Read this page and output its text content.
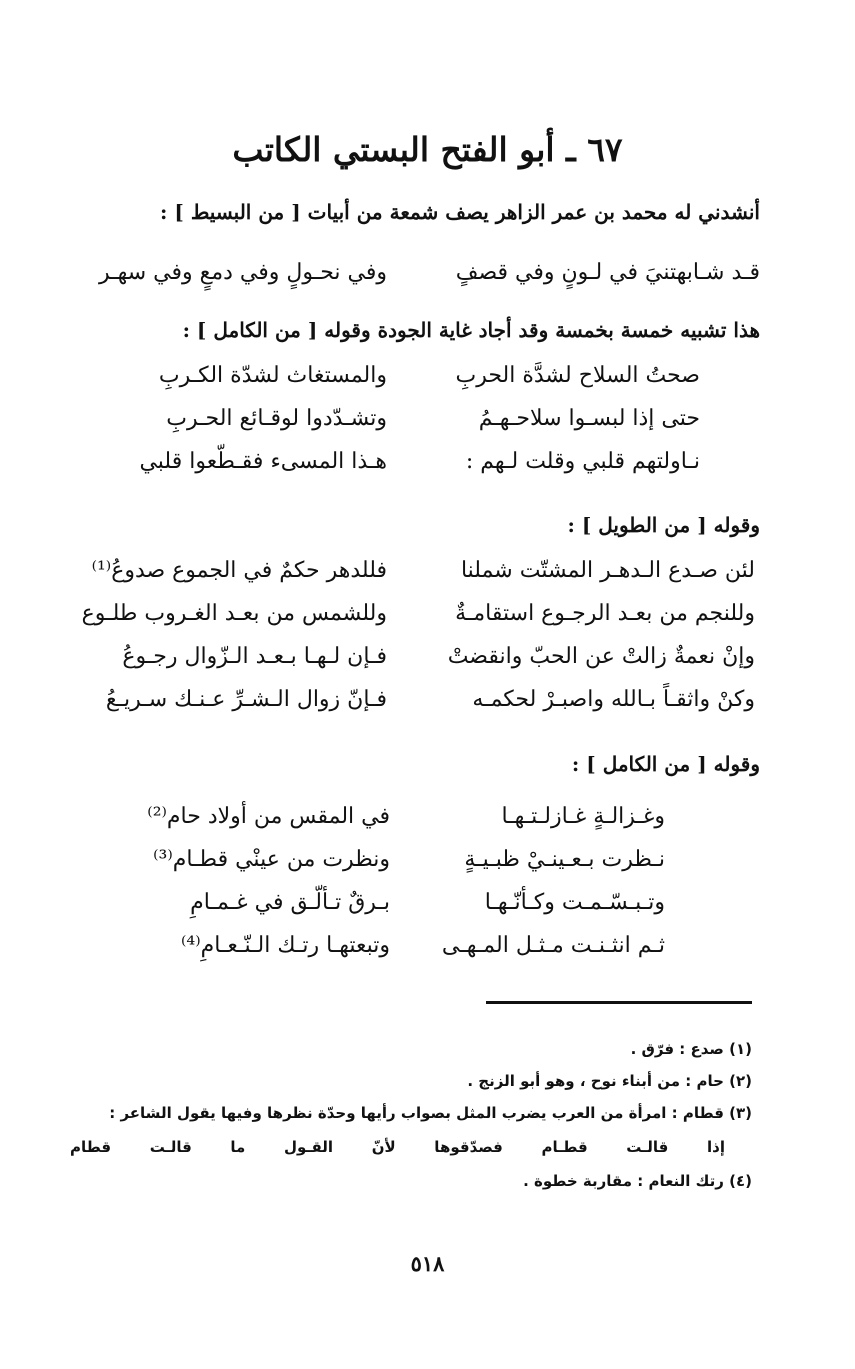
٦٧ ـ أبو الفتح البستي الكاتب
أنشدني له محمد بن عمر الزاهر يصف شمعة من أبيات [ من البسيط ] :
قـد شـابهتنيَ في لـونٍ وفي قصفٍ
وفي نحـولٍ وفي دمعٍ وفي سهـر
هذا تشبيه خمسة بخمسة وقد أجاد غاية الجودة وقوله [ من الكامل ] :
صحتُ السلاح لشدَّة الحربِ
والمستغاث لشدّة الكـربِ
حتى إذا لبسـوا سلاحـهـمُ
وتشـدّدوا لوقـائع الحـربِ
نـاولتهم قلبي وقلت لـهم :
هـذا المسىء فقـطّعوا قلبي
وقوله [ من الطويل ] :
لئن صـدع الـدهـر المشتّت شملنا
فللدهر حكمٌ في الجموع صدوعُ⁽¹⁾
وللنجم من بعـد الرجـوع استقامـةٌ
وللشمس من بعـد الغـروب طلـوع
وإنْ نعمةٌ زالتْ عن الحبّ وانقضتْ
فـإن لـهـا بـعـد الـزّوال رجـوعُ
وكنْ واثقـاً بـالله واصبـرْ لحكمـه
فـإنّ زوال الـشـرِّ عـنـك سـريـعُ
وقوله [ من الكامل ] :
وغـزالـةٍ غـازلـتـهـا
في المقس من أولاد حام⁽²⁾
نـظرت بـعـينـيْ ظبـيـةٍ
ونظرت من عينْي قطـام⁽³⁾
وتـبـسّـمـت وكـأنّـهـا
بـرقٌ تـألّـق في غـمـامِ
ثـم انثـنـت مـثـل المـهـى
وتبعتهـا رتـك الـنّـعـامِ⁽⁴⁾
(١) صدع : فرّق .
(٢) حام : من أبناء نوح ، وهو أبو الزنج .
(٣) قطام : امرأة من العرب يضرب المثل بصواب رأيها وحدّة نظرها وفيها يقول الشاعر :
إذا قالـت قطـام فصدّقوها لأنّ القـول ما قالـت قطام
(٤) رتك النعام : مقاربة خطوة .
٥١٨
